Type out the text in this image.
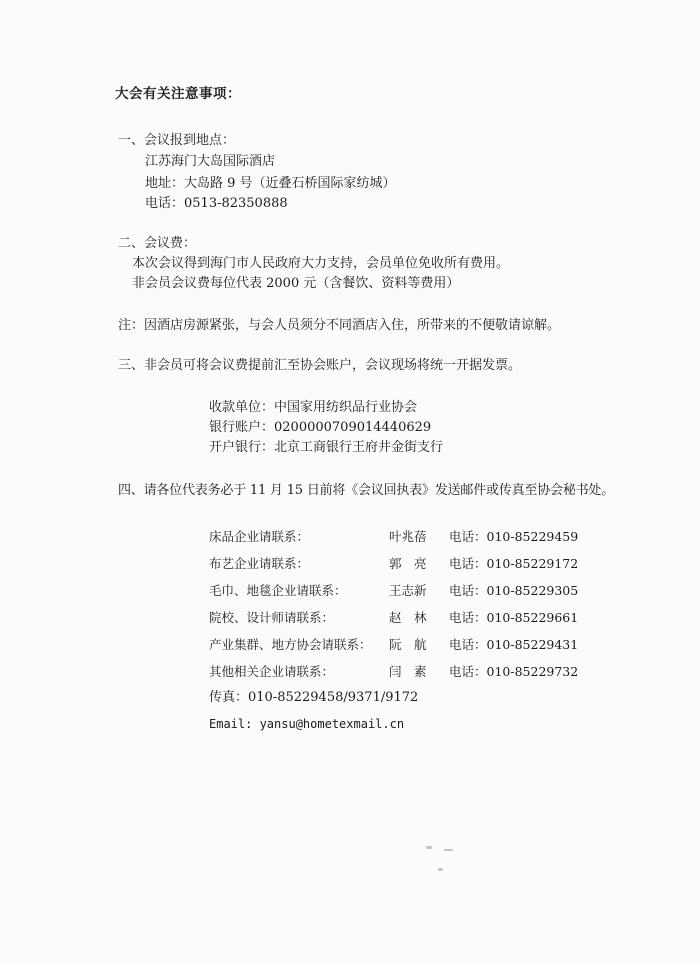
大会有关注意事项：
一、会议报到地点：
江苏海门大岛国际酒店
地址：大岛路 9 号（近叠石桥国际家纺城）
电话：0513-82350888
二、会议费：
本次会议得到海门市人民政府大力支持，会员单位免收所有费用。
非会员会议费每位代表 2000 元（含餐饮、资料等费用）
注：因酒店房源紧张，与会人员须分不同酒店入住，所带来的不便敬请谅解。
三、非会员可将会议费提前汇至协会账户，会议现场将统一开据发票。
收款单位：中国家用纺织品行业协会
银行账户：0200000709014440629
开户银行：北京工商银行王府井金街支行
四、请各位代表务必于 11 月 15 日前将《会议回执表》发送邮件或传真至协会秘书处。
床品企业请联系：	叶兆蓓 电话：010-85229459
布艺企业请联系：	郭　亮 电话：010-85229172
毛巾、地毯企业请联系：	王志新 电话：010-85229305
院校、设计师请联系：	赵　林 电话：010-85229661
产业集群、地方协会请联系： 阮　航 电话：010-85229431
其他相关企业请联系：	闫　素 电话：010-85229732
传真：010-85229458/9371/9172
Email: yansu@hometexmail.cn
